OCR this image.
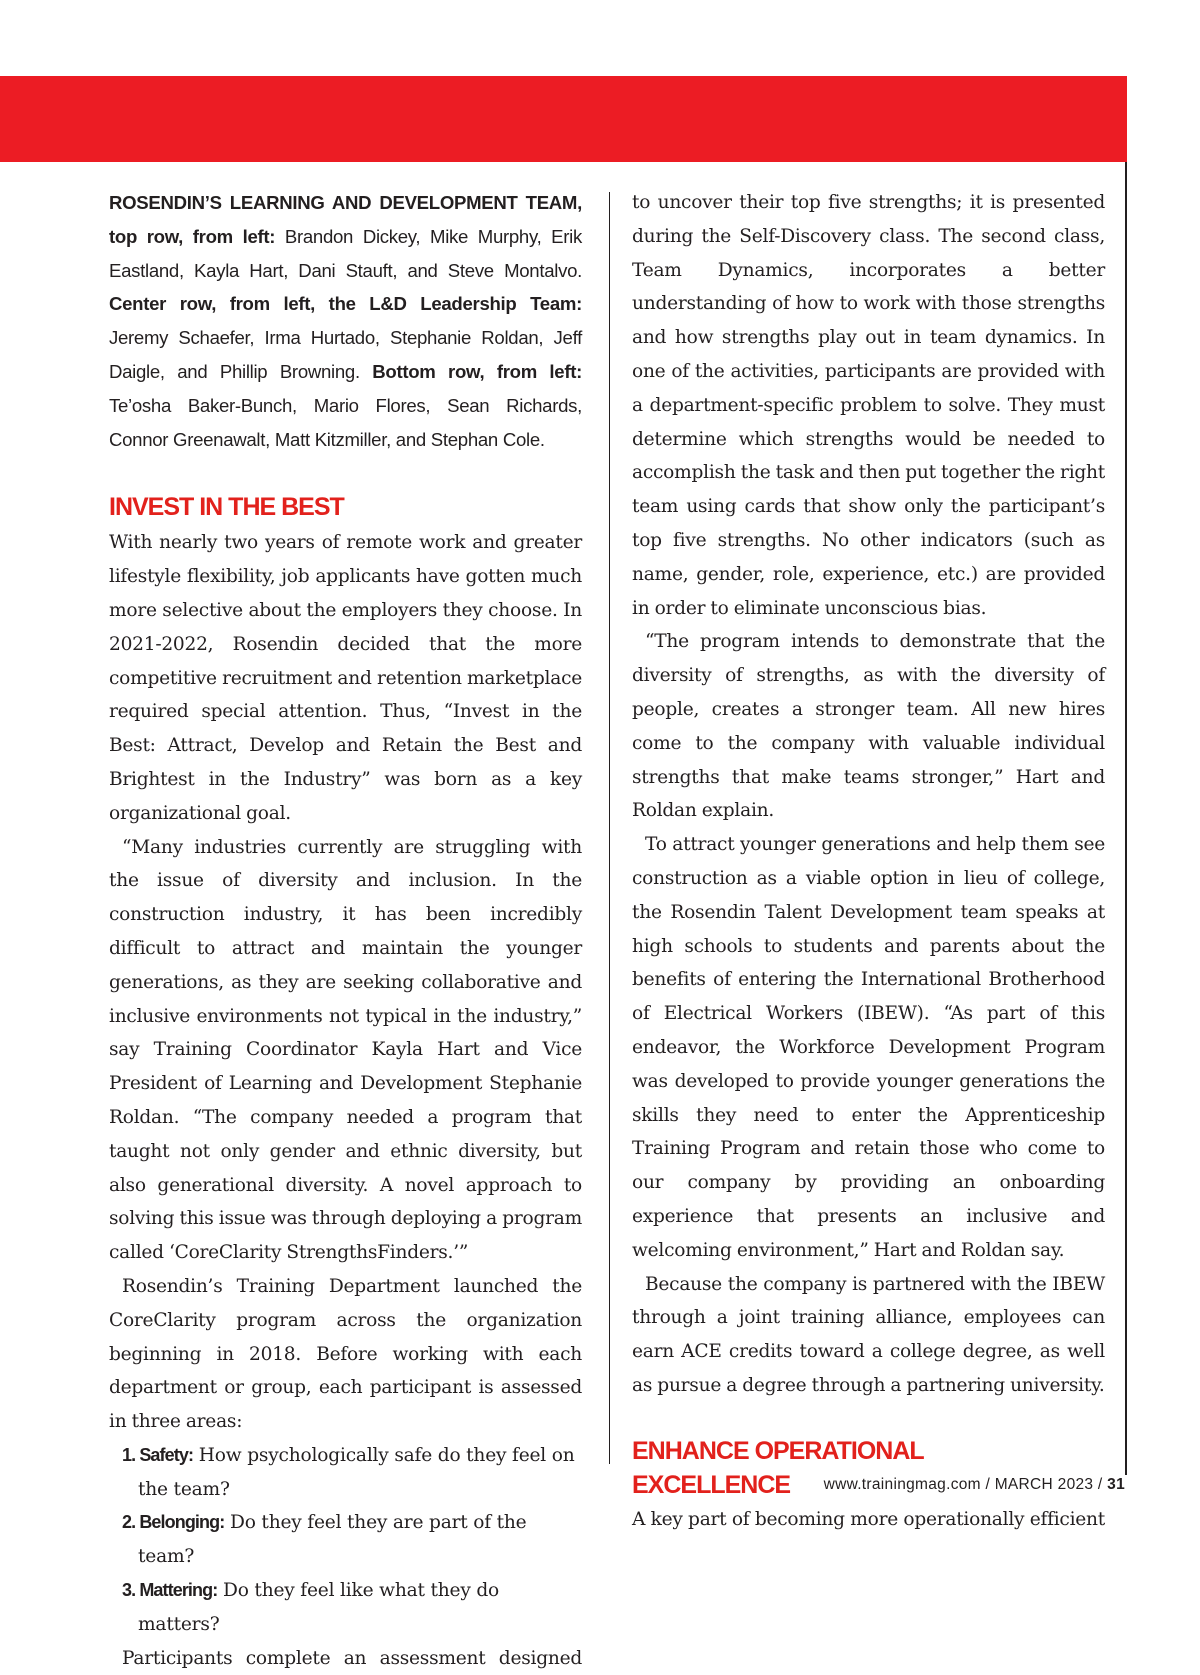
ROSENDIN’S LEARNING AND DEVELOPMENT TEAM, top row, from left: Brandon Dickey, Mike Murphy, Erik Eastland, Kayla Hart, Dani Stauft, and Steve Montalvo. Center row, from left, the L&D Leadership Team: Jeremy Schaefer, Irma Hurtado, Stephanie Roldan, Jeff Daigle, and Phillip Browning. Bottom row, from left: Te’osha Baker-Bunch, Mario Flores, Sean Richards, Connor Greenawalt, Matt Kitzmiller, and Stephan Cole.

INVEST IN THE BEST

With nearly two years of remote work and greater lifestyle flexibility, job applicants have gotten much more selective about the employers they choose. In 2021-2022, Rosendin decided that the more competitive recruitment and retention marketplace required special attention. Thus, “Invest in the Best: Attract, Develop and Retain the Best and Brightest in the Industry” was born as a key organizational goal.

“Many industries currently are struggling with the issue of diversity and inclusion. In the construction industry, it has been incredibly difficult to attract and maintain the younger generations, as they are seeking collaborative and inclusive environments not typical in the industry,” say Training Coordinator Kayla Hart and Vice President of Learning and Development Stephanie Roldan. “The company needed a program that taught not only gender and ethnic diversity, but also generational diversity. A novel approach to solving this issue was through deploying a program called ‘CoreClarity StrengthsFinders.’”

Rosendin’s Training Department launched the CoreClarity program across the organization beginning in 2018. Before working with each department or group, each participant is assessed in three areas:

1. Safety: How psychologically safe do they feel on the team?
2. Belonging: Do they feel they are part of the team?
3. Mattering: Do they feel like what they do matters?

Participants complete an assessment designed

to uncover their top five strengths; it is presented during the Self-Discovery class. The second class, Team Dynamics, incorporates a better understanding of how to work with those strengths and how strengths play out in team dynamics. In one of the activities, participants are provided with a department-specific problem to solve. They must determine which strengths would be needed to accomplish the task and then put together the right team using cards that show only the participant’s top five strengths. No other indicators (such as name, gender, role, experience, etc.) are provided in order to eliminate unconscious bias.

“The program intends to demonstrate that the diversity of strengths, as with the diversity of people, creates a stronger team. All new hires come to the company with valuable individual strengths that make teams stronger,” Hart and Roldan explain.

To attract younger generations and help them see construction as a viable option in lieu of college, the Rosendin Talent Development team speaks at high schools to students and parents about the benefits of entering the International Brotherhood of Electrical Workers (IBEW). “As part of this endeavor, the Workforce Development Program was developed to provide younger generations the skills they need to enter the Apprenticeship Training Program and retain those who come to our company by providing an onboarding experience that presents an inclusive and welcoming environment,” Hart and Roldan say.

Because the company is partnered with the IBEW through a joint training alliance, employees can earn ACE credits toward a college degree, as well as pursue a degree through a partnering university.

ENHANCE OPERATIONAL EXCELLENCE

A key part of becoming more operationally efficient

www.trainingmag.com / MARCH 2023 / 31
